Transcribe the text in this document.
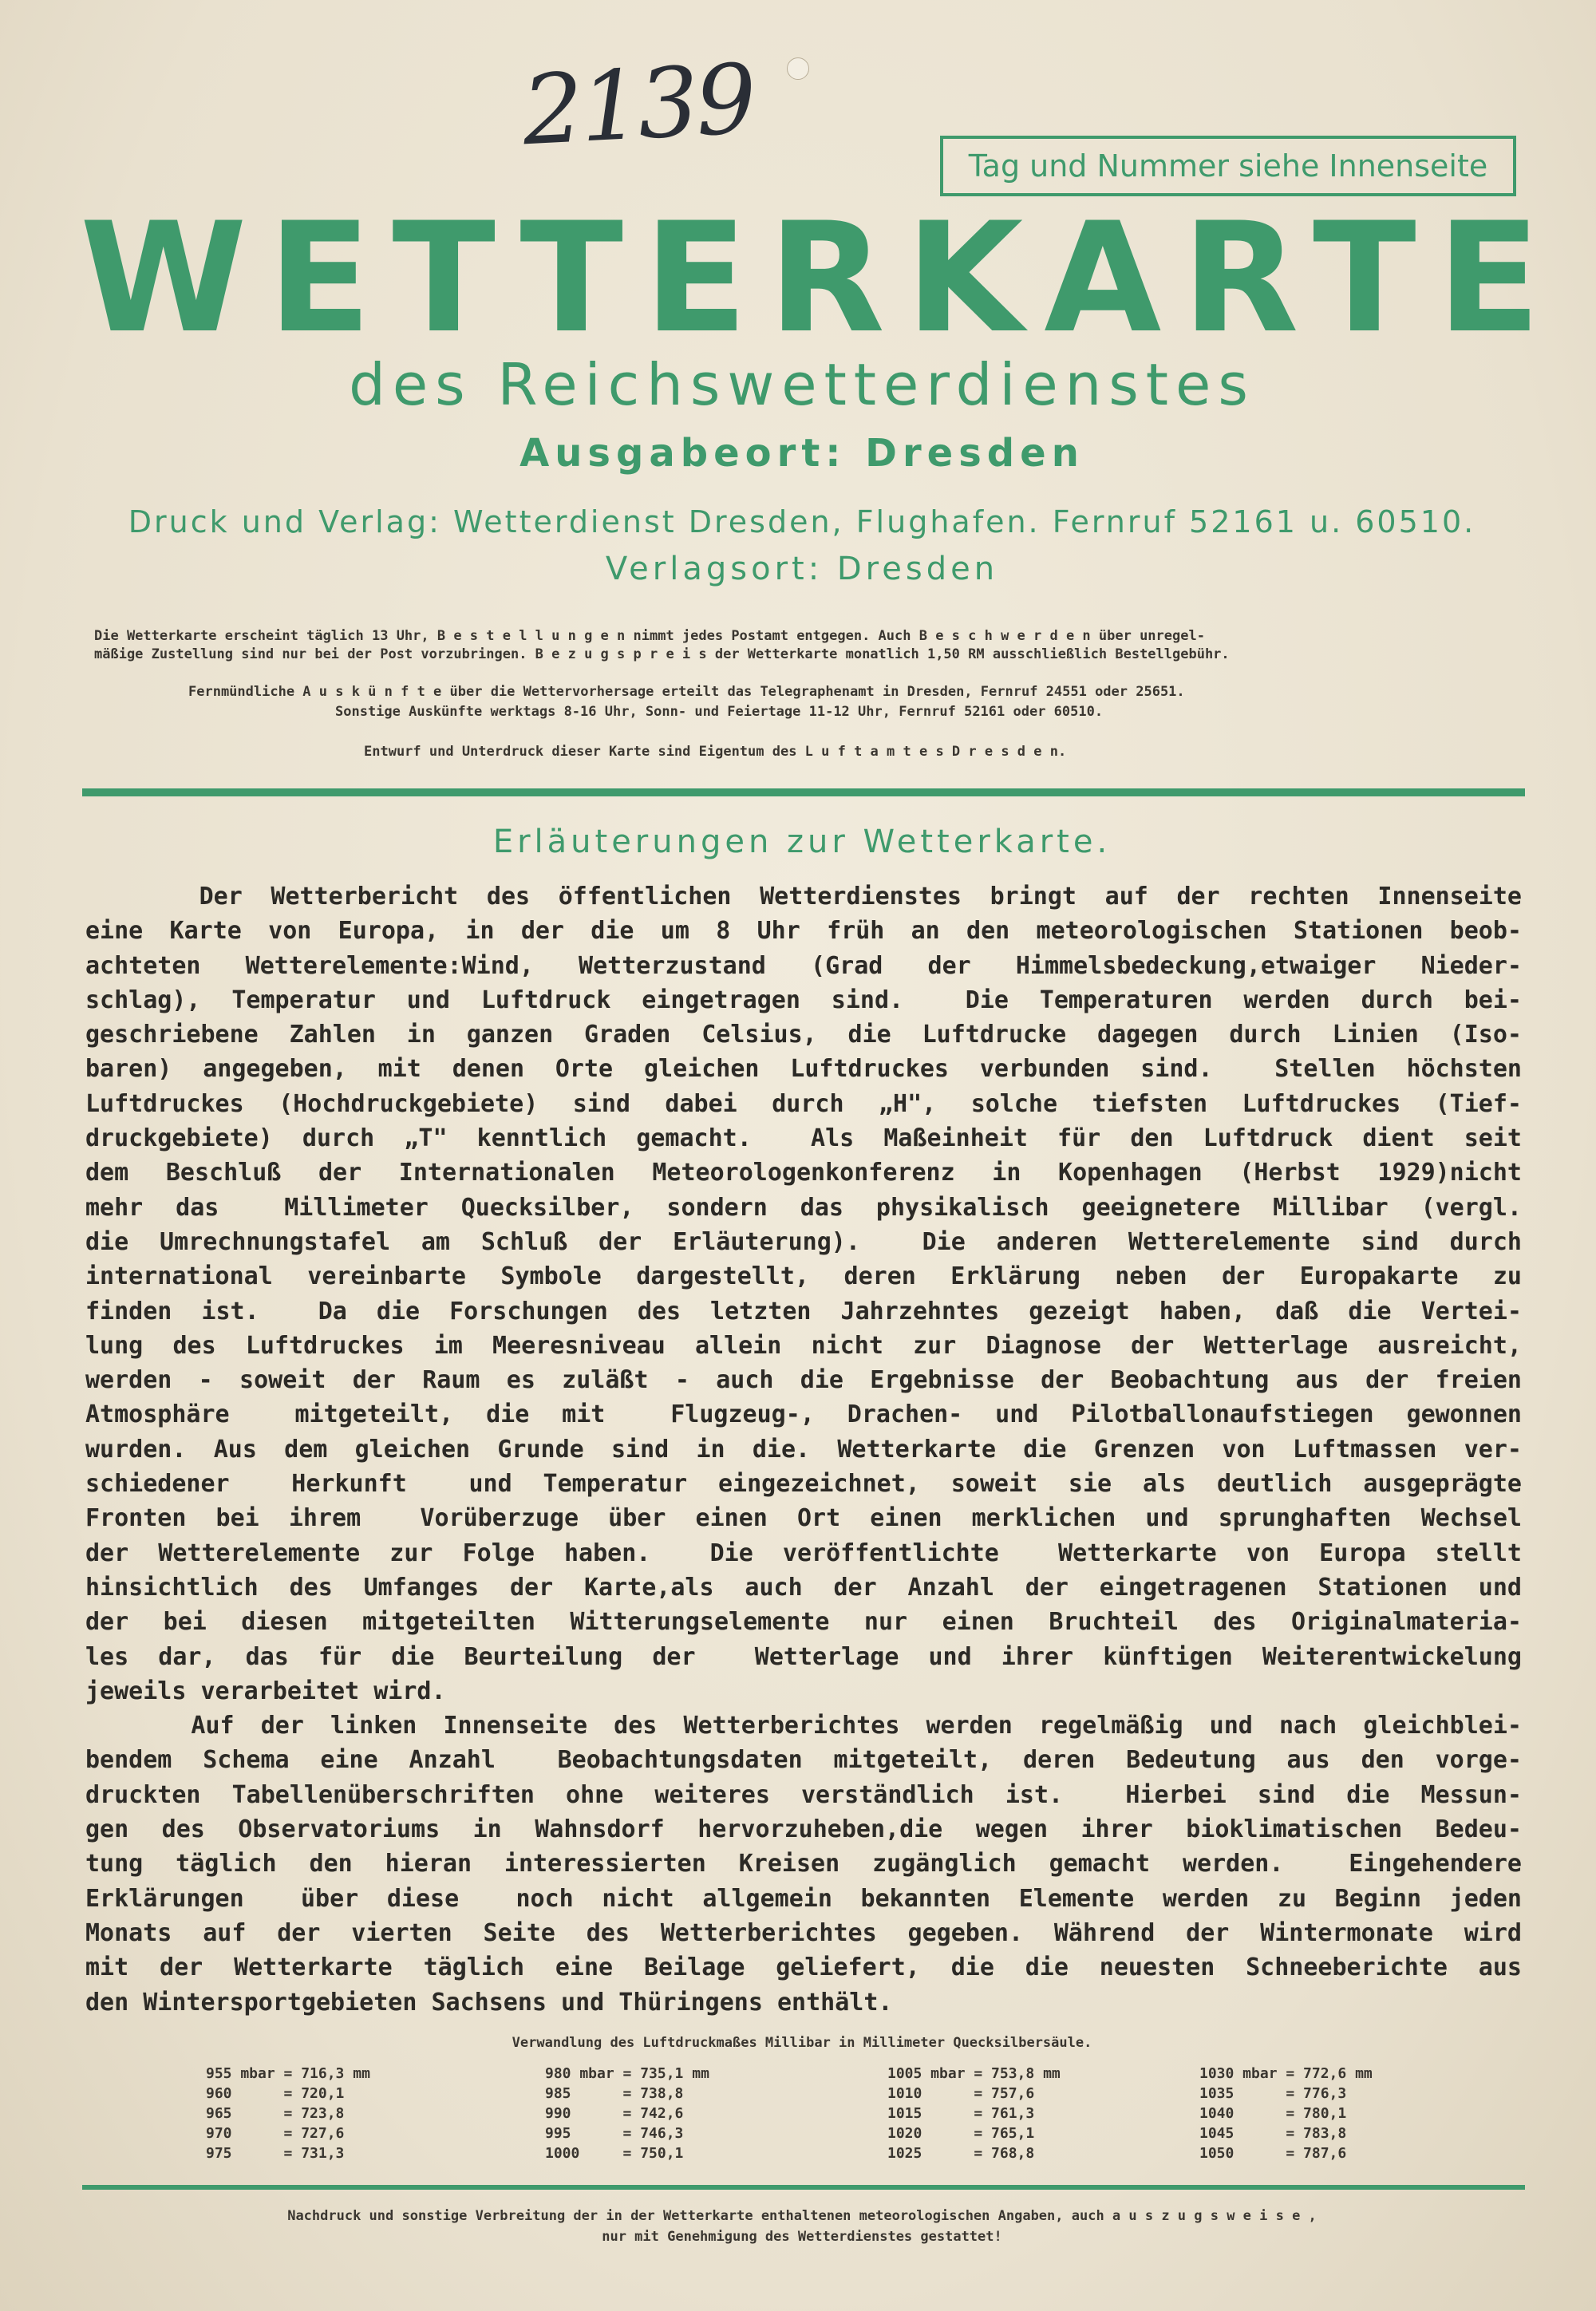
2139	Tag und Nummer siehe Innenseite
WETTERKARTE
des Reichswetterdienstes
Ausgabeort: Dresden
Druck und Verlag: Wetterdienst Dresden, Flughafen. Fernruf 52161 u. 60510.
Verlagsort: Dresden
Die Wetterkarte erscheint täglich 13 Uhr, B e s t e l l u n g e n nimmt jedes Postamt entgegen. Auch B e s c h w e r d e n über unregel-
mäßige Zustellung sind nur bei der Post vorzubringen. B e z u g s p r e i s der Wetterkarte monatlich 1,50 RM ausschließlich Bestellgebühr.
Fernmündliche A u s k ü n f t e über die Wettervorhersage erteilt das Telegraphenamt in Dresden, Fernruf 24551 oder 25651.
Sonstige Auskünfte werktags 8-16 Uhr, Sonn- und Feiertage 11-12 Uhr, Fernruf 52161 oder 60510.
Entwurf und Unterdruck dieser Karte sind Eigentum des L u f t a m t e s D r e s d e n.
Erläuterungen zur Wetterkarte.
Der Wetterbericht des öffentlichen Wetterdienstes bringt auf der rechten Innenseite
eine Karte von Europa, in der die um 8 Uhr früh an den meteorologischen Stationen beob-
achteten Wetterelemente:Wind, Wetterzustand (Grad der Himmelsbedeckung,etwaiger Nieder-
schlag), Temperatur und Luftdruck eingetragen sind.  Die Temperaturen werden durch bei-
geschriebene Zahlen in ganzen Graden Celsius, die Luftdrucke dagegen durch Linien (Iso-
baren) angegeben, mit denen Orte gleichen Luftdruckes verbunden sind.  Stellen höchsten
Luftdruckes (Hochdruckgebiete) sind dabei durch „H", solche tiefsten Luftdruckes (Tief-
druckgebiete) durch „T" kenntlich gemacht.  Als Maßeinheit für den Luftdruck dient seit
dem Beschluß der Internationalen Meteorologenkonferenz in Kopenhagen (Herbst 1929)nicht
mehr das  Millimeter Quecksilber, sondern das physikalisch geeignetere Millibar (vergl.
die Umrechnungstafel am Schluß der Erläuterung).  Die anderen Wetterelemente sind durch
international vereinbarte Symbole dargestellt, deren Erklärung neben der Europakarte zu
finden ist.  Da die Forschungen des letzten Jahrzehntes gezeigt haben, daß die Vertei-
lung des Luftdruckes im Meeresniveau allein nicht zur Diagnose der Wetterlage ausreicht,
werden - soweit der Raum es zuläßt - auch die Ergebnisse der Beobachtung aus der freien
Atmosphäre  mitgeteilt, die mit  Flugzeug-, Drachen- und Pilotballonaufstiegen gewonnen
wurden. Aus dem gleichen Grunde sind in die. Wetterkarte die Grenzen von Luftmassen ver-
schiedener  Herkunft  und Temperatur eingezeichnet, soweit sie als deutlich ausgeprägte
Fronten bei ihrem  Vorüberzuge über einen Ort einen merklichen und sprunghaften Wechsel
der Wetterelemente zur Folge haben.  Die veröffentlichte  Wetterkarte von Europa stellt
hinsichtlich des Umfanges der Karte,als auch der Anzahl der eingetragenen Stationen und
der bei diesen mitgeteilten Witterungselemente nur einen Bruchteil des Originalmateria-
les dar, das für die Beurteilung der  Wetterlage und ihrer künftigen Weiterentwickelung
jeweils verarbeitet wird.
Auf der linken Innenseite des Wetterberichtes werden regelmäßig und nach gleichblei-
bendem Schema eine Anzahl  Beobachtungsdaten mitgeteilt, deren Bedeutung aus den vorge-
druckten Tabellenüberschriften ohne weiteres verständlich ist.  Hierbei sind die Messun-
gen des Observatoriums in Wahnsdorf hervorzuheben,die wegen ihrer bioklimatischen Bedeu-
tung täglich den hieran interessierten Kreisen zugänglich gemacht werden.  Eingehendere
Erklärungen  über diese  noch nicht allgemein bekannten Elemente werden zu Beginn jeden
Monats auf der vierten Seite des Wetterberichtes gegeben. Während der Wintermonate wird
mit der Wetterkarte täglich eine Beilage geliefert, die die neuesten Schneeberichte aus
den Wintersportgebieten Sachsens und Thüringens enthält.
Verwandlung des Luftdruckmaßes Millibar in Millimeter Quecksilbersäule.
955 mbar = 716,3 mm
960      = 720,1
965      = 723,8
970      = 727,6
975      = 731,3
980 mbar = 735,1 mm
985      = 738,8
990      = 742,6
995      = 746,3
1000     = 750,1
1005 mbar = 753,8 mm
1010      = 757,6
1015      = 761,3
1020      = 765,1
1025      = 768,8
1030 mbar = 772,6 mm
1035      = 776,3
1040      = 780,1
1045      = 783,8
1050      = 787,6
Nachdruck und sonstige Verbreitung der in der Wetterkarte enthaltenen meteorologischen Angaben, auch a u s z u g s w e i s e ,
nur mit Genehmigung des Wetterdienstes gestattet!
